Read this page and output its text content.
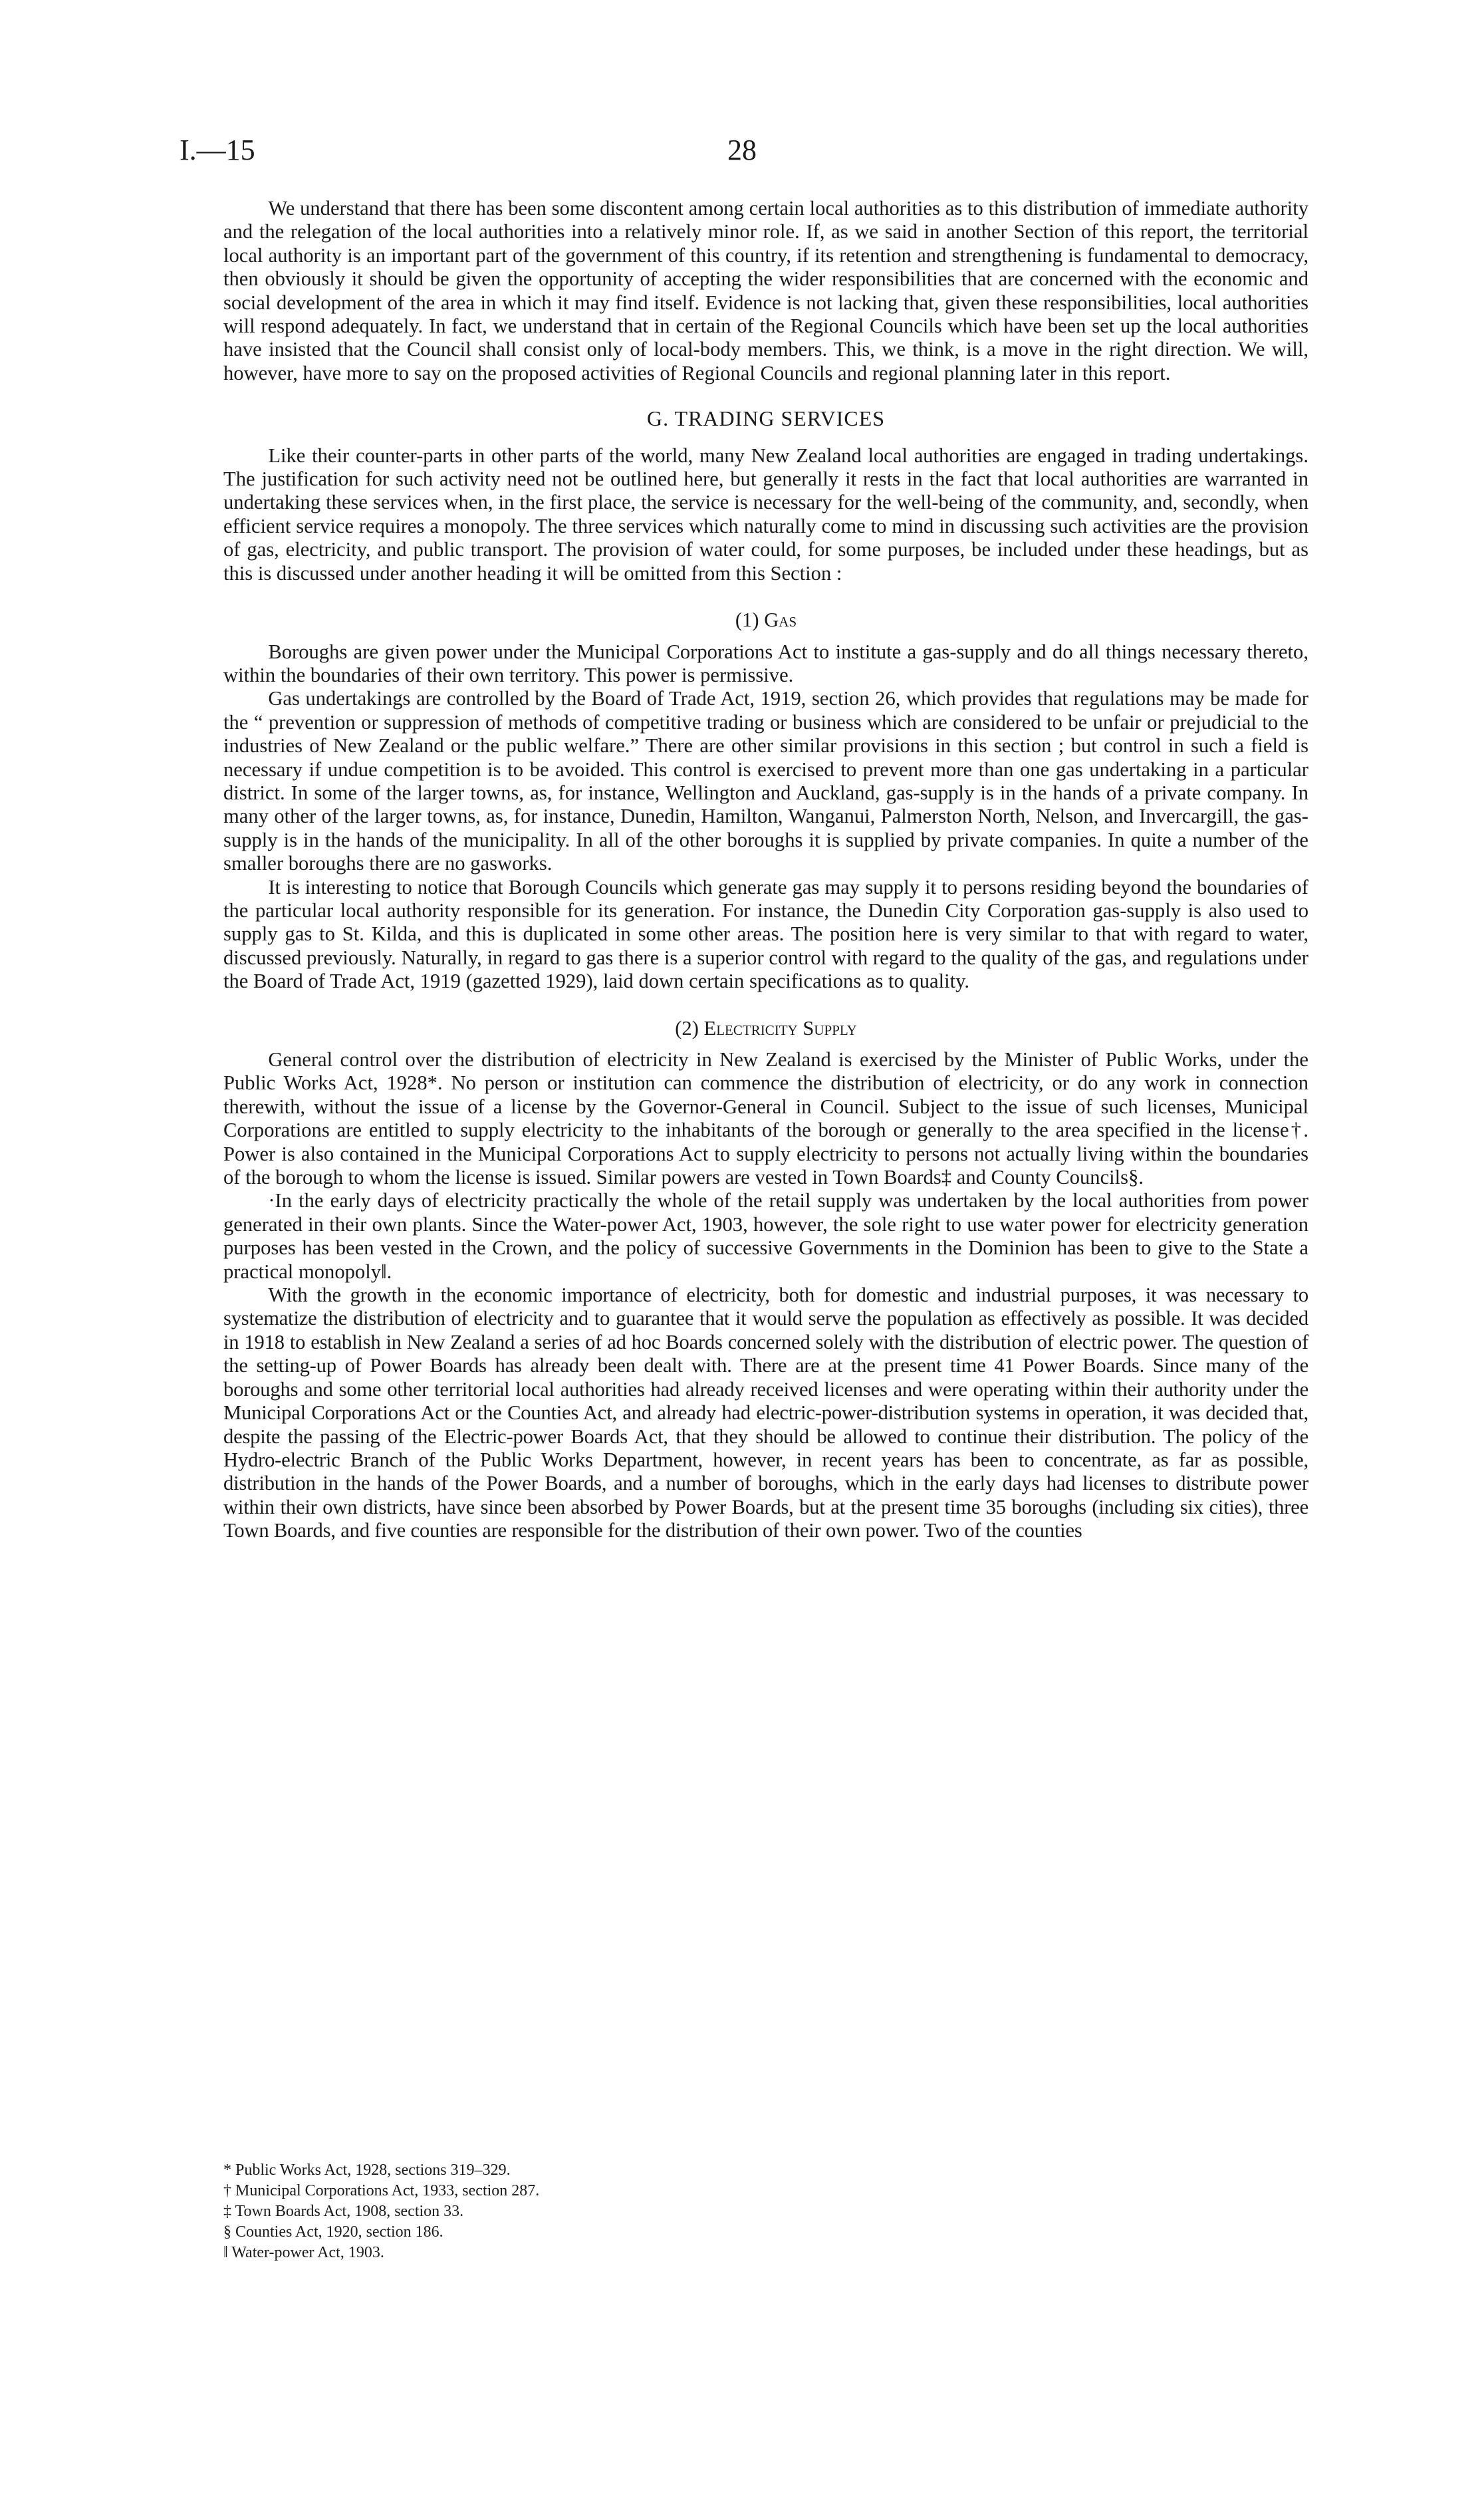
I.—15	28

We understand that there has been some discontent among certain local authorities as to this distribution of immediate authority and the relegation of the local authorities into a relatively minor role. If, as we said in another Section of this report, the territorial local authority is an important part of the government of this country, if its retention and strengthening is fundamental to democracy, then obviously it should be given the opportunity of accepting the wider responsibilities that are concerned with the economic and social development of the area in which it may find itself. Evidence is not lacking that, given these responsibilities, local authorities will respond adequately. In fact, we understand that in certain of the Regional Councils which have been set up the local authorities have insisted that the Council shall consist only of local-body members. This, we think, is a move in the right direction. We will, however, have more to say on the proposed activities of Regional Councils and regional planning later in this report.

G. TRADING SERVICES

Like their counter-parts in other parts of the world, many New Zealand local authorities are engaged in trading undertakings. The justification for such activity need not be outlined here, but generally it rests in the fact that local authorities are warranted in undertaking these services when, in the first place, the service is necessary for the well-being of the community, and, secondly, when efficient service requires a monopoly. The three services which naturally come to mind in discussing such activities are the provision of gas, electricity, and public transport. The provision of water could, for some purposes, be included under these headings, but as this is discussed under another heading it will be omitted from this Section :

(1) Gas

Boroughs are given power under the Municipal Corporations Act to institute a gas-supply and do all things necessary thereto, within the boundaries of their own territory. This power is permissive.

Gas undertakings are controlled by the Board of Trade Act, 1919, section 26, which provides that regulations may be made for the “ prevention or suppression of methods of competitive trading or business which are considered to be unfair or prejudicial to the industries of New Zealand or the public welfare.” There are other similar provisions in this section ; but control in such a field is necessary if undue competition is to be avoided. This control is exercised to prevent more than one gas undertaking in a particular district. In some of the larger towns, as, for instance, Wellington and Auckland, gas-supply is in the hands of a private company. In many other of the larger towns, as, for instance, Dunedin, Hamilton, Wanganui, Palmerston North, Nelson, and Invercargill, the gas-supply is in the hands of the municipality. In all of the other boroughs it is supplied by private companies. In quite a number of the smaller boroughs there are no gasworks.

It is interesting to notice that Borough Councils which generate gas may supply it to persons residing beyond the boundaries of the particular local authority responsible for its generation. For instance, the Dunedin City Corporation gas-supply is also used to supply gas to St. Kilda, and this is duplicated in some other areas. The position here is very similar to that with regard to water, discussed previously. Naturally, in regard to gas there is a superior control with regard to the quality of the gas, and regulations under the Board of Trade Act, 1919 (gazetted 1929), laid down certain specifications as to quality.

(2) Electricity Supply

General control over the distribution of electricity in New Zealand is exercised by the Minister of Public Works, under the Public Works Act, 1928*. No person or institution can commence the distribution of electricity, or do any work in connection therewith, without the issue of a license by the Governor-General in Council. Subject to the issue of such licenses, Municipal Corporations are entitled to supply electricity to the inhabitants of the borough or generally to the area specified in the license†. Power is also contained in the Municipal Corporations Act to supply electricity to persons not actually living within the boundaries of the borough to whom the license is issued. Similar powers are vested in Town Boards‡ and County Councils§.

·In the early days of electricity practically the whole of the retail supply was undertaken by the local authorities from power generated in their own plants. Since the Water-power Act, 1903, however, the sole right to use water power for electricity generation purposes has been vested in the Crown, and the policy of successive Governments in the Dominion has been to give to the State a practical monopoly‖.

With the growth in the economic importance of electricity, both for domestic and industrial purposes, it was necessary to systematize the distribution of electricity and to guarantee that it would serve the population as effectively as possible. It was decided in 1918 to establish in New Zealand a series of ad hoc Boards concerned solely with the distribution of electric power. The question of the setting-up of Power Boards has already been dealt with. There are at the present time 41 Power Boards. Since many of the boroughs and some other territorial local authorities had already received licenses and were operating within their authority under the Municipal Corporations Act or the Counties Act, and already had electric-power-distribution systems in operation, it was decided that, despite the passing of the Electric-power Boards Act, that they should be allowed to continue their distribution. The policy of the Hydro-electric Branch of the Public Works Department, however, in recent years has been to concentrate, as far as possible, distribution in the hands of the Power Boards, and a number of boroughs, which in the early days had licenses to distribute power within their own districts, have since been absorbed by Power Boards, but at the present time 35 boroughs (including six cities), three Town Boards, and five counties are responsible for the distribution of their own power. Two of the counties

* Public Works Act, 1928, sections 319–329.
† Municipal Corporations Act, 1933, section 287.
‡ Town Boards Act, 1908, section 33.
§ Counties Act, 1920, section 186.
‖ Water-power Act, 1903.
